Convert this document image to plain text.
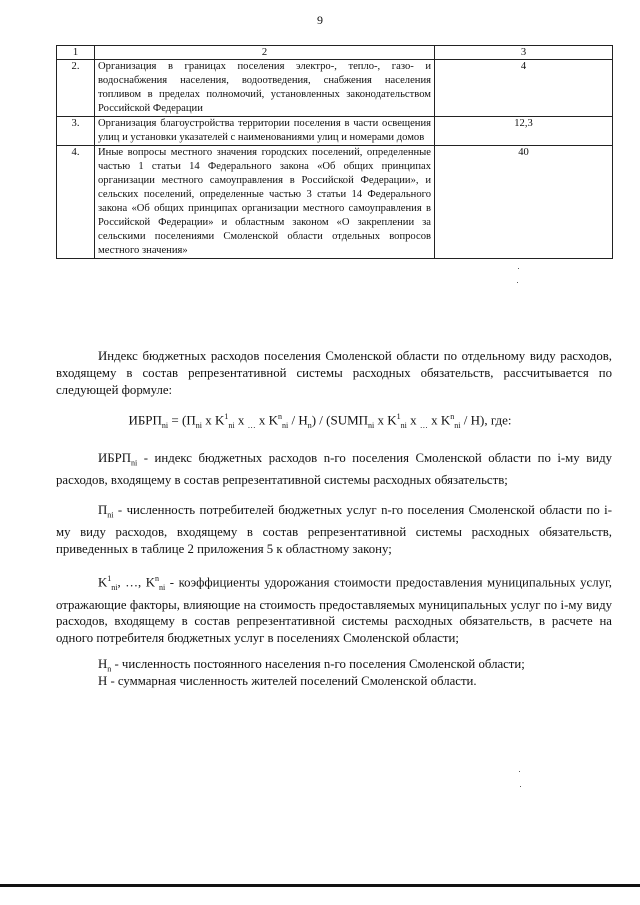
9
1	2	3
2.	Организация в границах поселения электро-, тепло-, газо- и водоснабжения населения, водоотведения, снабжения населения топливом в пределах полномочий, установленных законодательством Российской Федерации	4
3.	Организация благоустройства территории поселения в части освещения улиц и установки указателей с наименованиями улиц и номерами домов	12,3
4.	Иные вопросы местного значения городских поселений, определенные частью 1 статьи 14 Федерального закона «Об общих принципах организации местного самоуправления в Российской Федерации», и сельских поселений, определенные частью 3 статьи 14 Федерального закона «Об общих принципах организации местного самоуправления в Российской Федерации» и областным законом «О закреплении за сельскими поселениями Смоленской области отдельных вопросов местного значения»	40
Индекс бюджетных расходов поселения Смоленской области по отдельному виду расходов, входящему в состав репрезентативной системы расходных обязательств, рассчитывается по следующей формуле:
$ИБРП_{ni} = (П_{ni}$ x $K^1_{ni}$ x $_\dots$ x $K^n_{ni} / H_n$) / ($SUMП_{ni}$ x $K^1_{ni}$ x $_\dots$ x $K^n_{ni} / H$), где:
$ИБРП_{ni}$ - индекс бюджетных расходов n-го поселения Смоленской области по i-му виду расходов, входящему в состав репрезентативной системы расходных обязательств;
$П_{ni}$ - численность потребителей бюджетных услуг n-го поселения Смоленской области по i-му виду расходов, входящему в состав репрезентативной системы расходных обязательств, приведенных в таблице 2 приложения 5 к областному закону;
$K^1_{ni}$, …, $K^n_{ni}$ - коэффициенты удорожания стоимости предоставления муниципальных услуг, отражающие факторы, влияющие на стоимость предоставляемых муниципальных услуг по i-му виду расходов, входящему в состав репрезентативной системы расходных обязательств, в расчете на одного потребителя бюджетных услуг в поселениях Смоленской области;
$H_n$ - численность постоянного населения n-го поселения Смоленской области;
H - суммарная численность жителей поселений Смоленской области.
